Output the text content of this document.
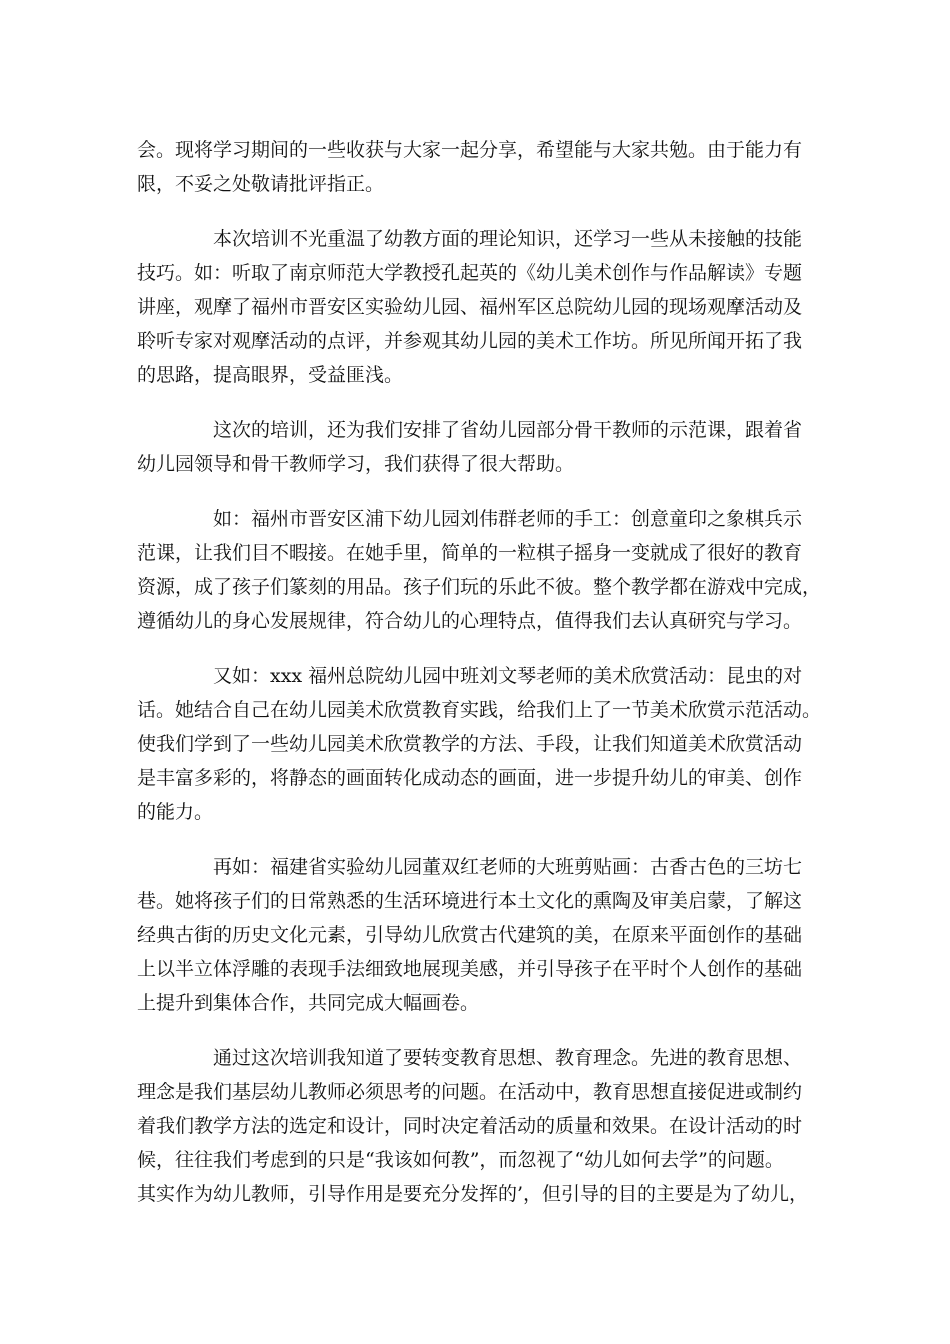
会。现将学习期间的一些收获与大家一起分享，希望能与大家共勉。由于能力有
限，不妥之处敬请批评指正。

本次培训不光重温了幼教方面的理论知识，还学习一些从未接触的技能
技巧。如：听取了南京师范大学教授孔起英的《幼儿美术创作与作品解读》专题
讲座，观摩了福州市晋安区实验幼儿园、福州军区总院幼儿园的现场观摩活动及
聆听专家对观摩活动的点评，并参观其幼儿园的美术工作坊。所见所闻开拓了我
的思路，提高眼界，受益匪浅。

这次的培训，还为我们安排了省幼儿园部分骨干教师的示范课，跟着省
幼儿园领导和骨干教师学习，我们获得了很大帮助。

如：福州市晋安区浦下幼儿园刘伟群老师的手工：创意童印之象棋兵示
范课，让我们目不暇接。在她手里，简单的一粒棋子摇身一变就成了很好的教育
资源，成了孩子们篆刻的用品。孩子们玩的乐此不彼。整个教学都在游戏中完成，
遵循幼儿的身心发展规律，符合幼儿的心理特点，值得我们去认真研究与学习。

又如：xxx 福州总院幼儿园中班刘文琴老师的美术欣赏活动：昆虫的对
话。她结合自己在幼儿园美术欣赏教育实践，给我们上了一节美术欣赏示范活动。
使我们学到了一些幼儿园美术欣赏教学的方法、手段，让我们知道美术欣赏活动
是丰富多彩的，将静态的画面转化成动态的画面，进一步提升幼儿的审美、创作
的能力。

再如：福建省实验幼儿园董双红老师的大班剪贴画：古香古色的三坊七
巷。她将孩子们的日常熟悉的生活环境进行本土文化的熏陶及审美启蒙，了解这
经典古街的历史文化元素，引导幼儿欣赏古代建筑的美，在原来平面创作的基础
上以半立体浮雕的表现手法细致地展现美感，并引导孩子在平时个人创作的基础
上提升到集体合作，共同完成大幅画卷。

通过这次培训我知道了要转变教育思想、教育理念。先进的教育思想、
理念是我们基层幼儿教师必须思考的问题。在活动中，教育思想直接促进或制约
着我们教学方法的选定和设计，同时决定着活动的质量和效果。在设计活动的时
候，往往我们考虑到的只是“我该如何教”，而忽视了“幼儿如何去学”的问题。
其实作为幼儿教师，引导作用是要充分发挥的’，但引导的目的主要是为了幼儿，
